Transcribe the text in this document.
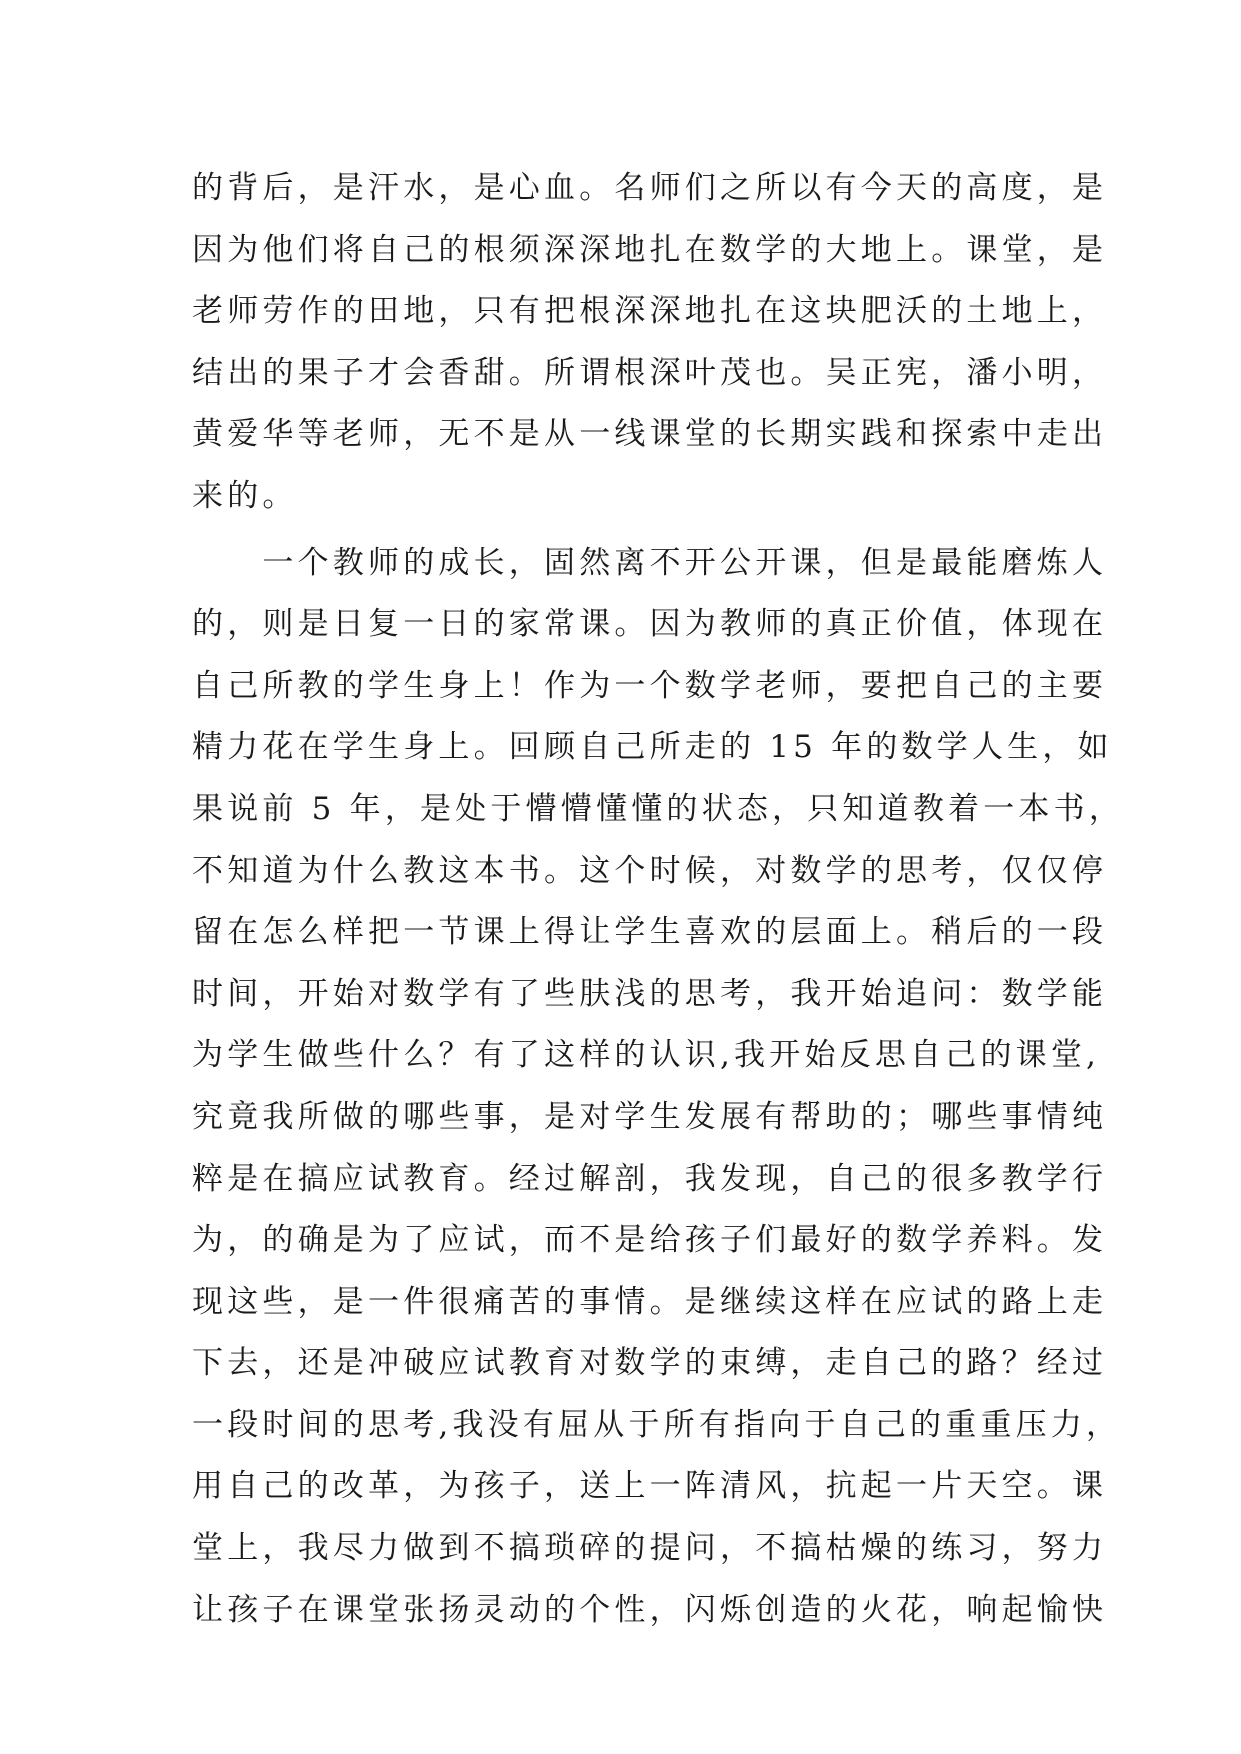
的背后，是汗水，是心血。名师们之所以有今天的高度，是
因为他们将自己的根须深深地扎在数学的大地上。课堂，是
老师劳作的田地，只有把根深深地扎在这块肥沃的土地上，
结出的果子才会香甜。所谓根深叶茂也。吴正宪，潘小明，
黄爱华等老师，无不是从一线课堂的长期实践和探索中走出
来的。
　　一个教师的成长，固然离不开公开课，但是最能磨炼人
的，则是日复一日的家常课。因为教师的真正价值，体现在
自己所教的学生身上！作为一个数学老师，要把自己的主要
精力花在学生身上。回顾自己所走的 15 年的数学人生，如
果说前 5 年，是处于懵懵懂懂的状态，只知道教着一本书，
不知道为什么教这本书。这个时候，对数学的思考，仅仅停
留在怎么样把一节课上得让学生喜欢的层面上。稍后的一段
时间，开始对数学有了些肤浅的思考，我开始追问：数学能
为学生做些什么？有了这样的认识,我开始反思自己的课堂,
究竟我所做的哪些事，是对学生发展有帮助的；哪些事情纯
粹是在搞应试教育。经过解剖，我发现，自己的很多教学行
为，的确是为了应试，而不是给孩子们最好的数学养料。发
现这些，是一件很痛苦的事情。是继续这样在应试的路上走
下去，还是冲破应试教育对数学的束缚，走自己的路？经过
一段时间的思考,我没有屈从于所有指向于自己的重重压力，
用自己的改革，为孩子，送上一阵清风，抗起一片天空。课
堂上，我尽力做到不搞琐碎的提问，不搞枯燥的练习，努力
让孩子在课堂张扬灵动的个性，闪烁创造的火花，响起愉快
